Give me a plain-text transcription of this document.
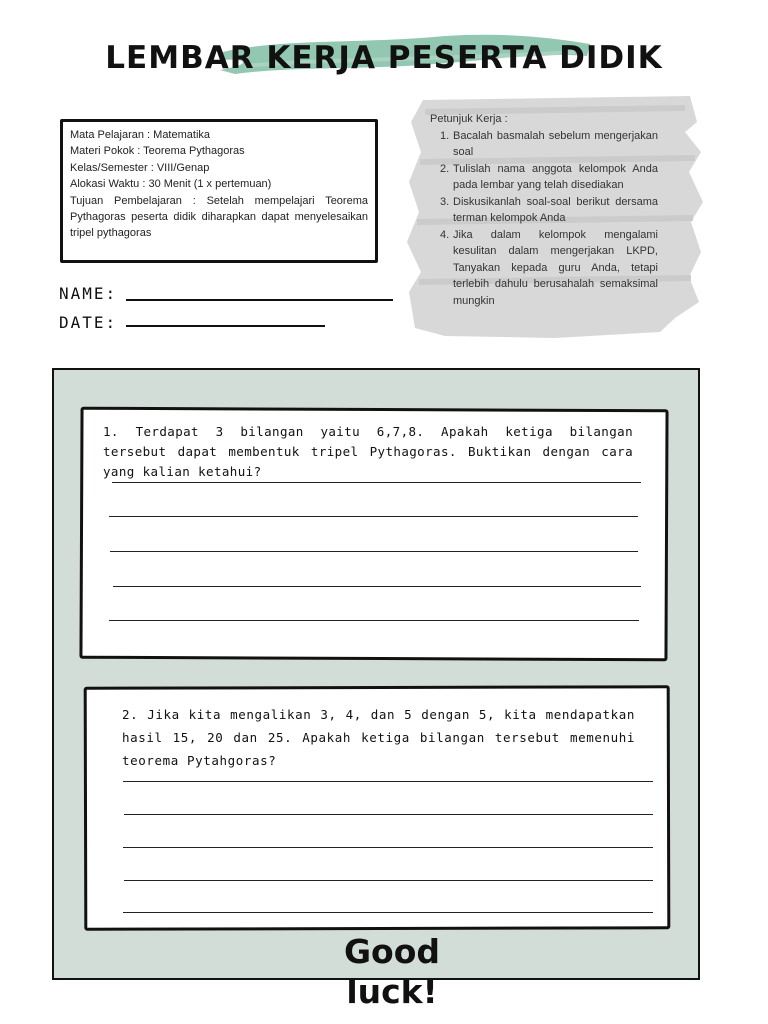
LEMBAR KERJA PESERTA DIDIK
Mata Pelajaran : Matematika
Materi Pokok : Teorema Pythagoras
Kelas/Semester : VIII/Genap
Alokasi Waktu : 30 Menit (1 x pertemuan)
Tujuan Pembelajaran : Setelah mempelajari Teorema Pythagoras peserta didik diharapkan dapat menyelesaikan tripel pythagoras
NAME:
DATE:
Petunjuk Kerja :
1. Bacalah basmalah sebelum mengerjakan soal
2. Tulislah nama anggota kelompok Anda pada lembar yang telah disediakan
3. Diskusikanlah soal-soal berikut dersama terman kelompok Anda
4. Jika dalam kelompok mengalami kesulitan dalam mengerjakan LKPD, Tanyakan kepada guru Anda, tetapi terlebih dahulu berusahalah semaksimal mungkin
1. Terdapat 3 bilangan yaitu 6,7,8. Apakah ketiga bilangan tersebut dapat membentuk tripel Pythagoras. Buktikan dengan cara yang kalian ketahui?
2. Jika kita mengalikan 3, 4, dan 5 dengan 5, kita mendapatkan hasil 15, 20 dan 25. Apakah ketiga bilangan tersebut memenuhi teorema Pytahgoras?
Good
luck!
